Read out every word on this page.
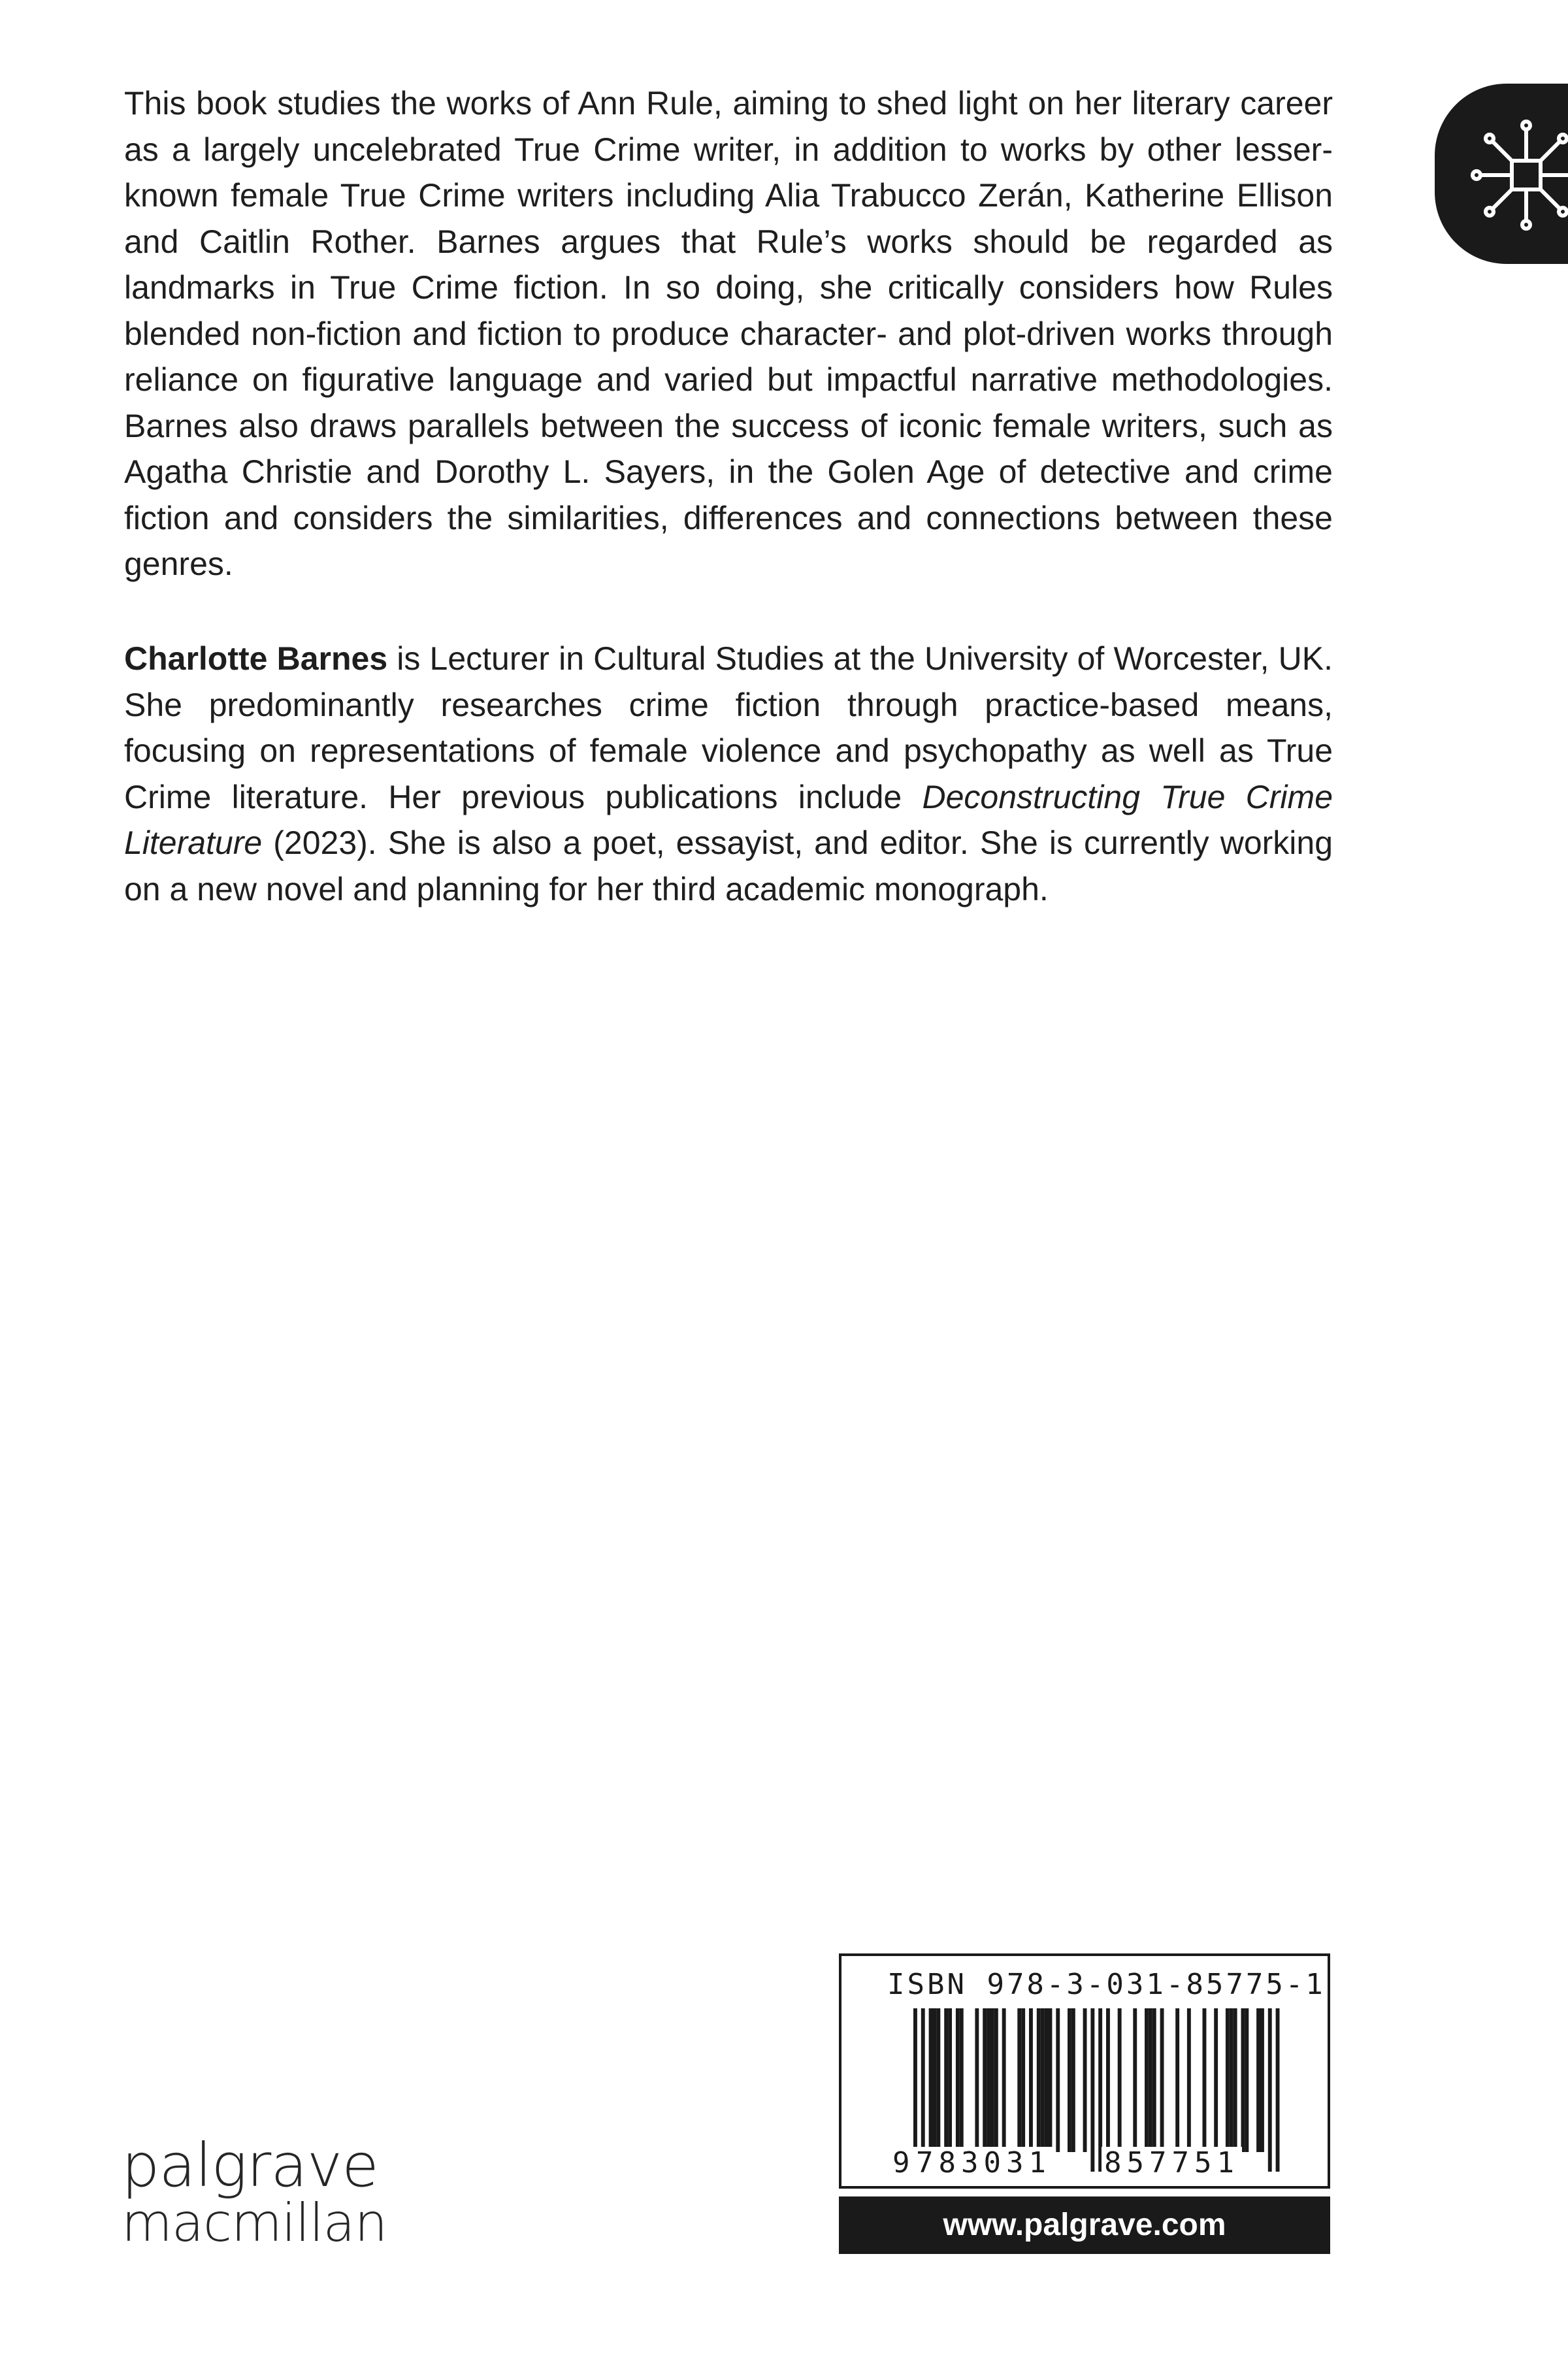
This book studies the works of Ann Rule, aiming to shed light on her literary career as a largely uncelebrated True Crime writer, in addition to works by other lesser-known female True Crime writers including Alia Trabucco Zerán, Katherine Ellison and Caitlin Rother. Barnes argues that Rule’s works should be regarded as landmarks in True Crime fiction. In so doing, she critically considers how Rules blended non-fiction and fiction to produce character- and plot-driven works through reliance on figurative language and varied but impactful narrative methodologies. Barnes also draws parallels between the success of iconic female writers, such as Agatha Christie and Dorothy L. Sayers, in the Golen Age of detective and crime fiction and considers the similarities, differences and connections between these genres.

Charlotte Barnes is Lecturer in Cultural Studies at the University of Worcester, UK. She predominantly researches crime fiction through practice-based means, focusing on representations of female violence and psychopathy as well as True Crime literature. Her previous publications include Deconstructing True Crime Literature (2023). She is also a poet, essayist, and editor. She is currently working on a new novel and planning for her third academic monograph.

palgrave
macmillan
ISBN 978-3-031-85775-1
9 783031 857751
www.palgrave.com
